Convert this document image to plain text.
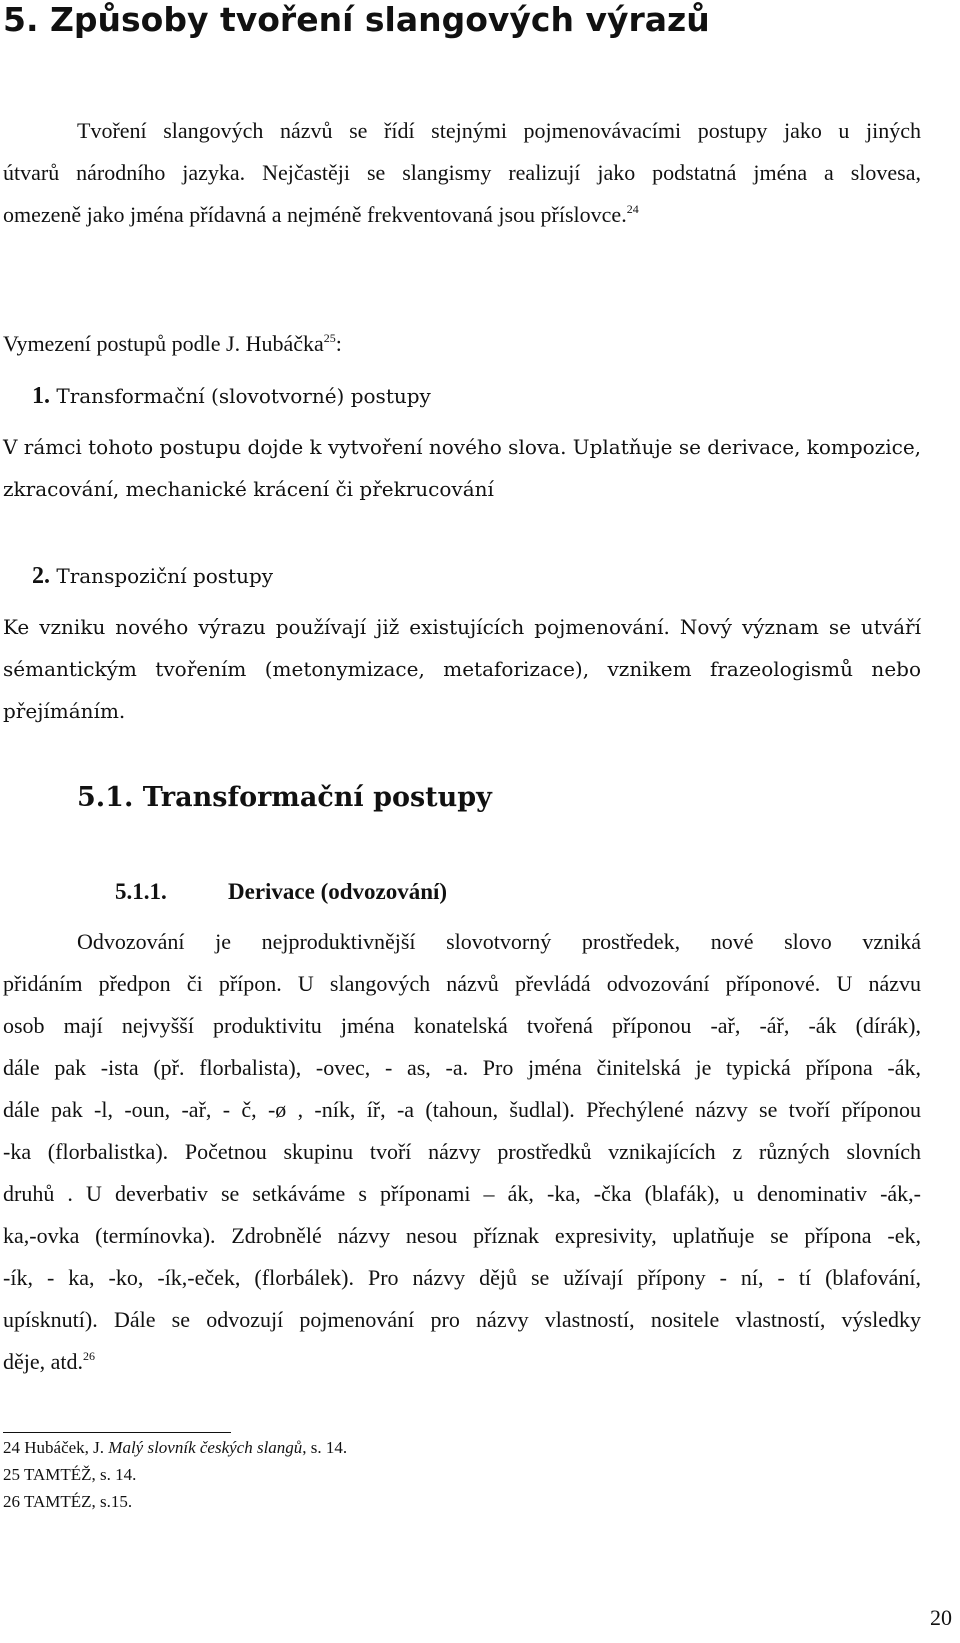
5. Způsoby tvoření slangových výrazů
Tvoření slangových názvů se řídí stejnými pojmenovávacími postupy jako u jiných
útvarů národního jazyka. Nejčastěji se slangismy realizují jako podstatná jména a slovesa,
omezeně jako jména přídavná a nejméně frekventovaná jsou příslovce.$^{24}$
Vymezení postupů podle J. Hubáčka$^{25}$:
1. Transformační (slovotvorné) postupy
V rámci tohoto postupu dojde k vytvoření nového slova. Uplatňuje se derivace, kompozice,
zkracování, mechanické krácení či překrucování
2. Transpoziční postupy
Ke vzniku nového výrazu používají již existujících pojmenování. Nový význam se utváří
sémantickým tvořením (metonymizace, metaforizace), vznikem frazeologismů nebo
přejímáním.
5.1. Transformační postupy
5.1.1.	Derivace (odvozování)
Odvozování je nejproduktivnější slovotvorný prostředek, nové slovo vzniká
přidáním předpon či přípon. U slangových názvů převládá odvozování příponové. U názvu
osob mají nejvyšší produktivitu jména konatelská tvořená příponou -ař, -ář, -ák (dírák),
dále pak -ista (př. florbalista), -ovec, - as, -a. Pro jména činitelská je typická přípona -ák,
dále pak -l, -oun, -ař, - č, -ø , -ník, íř, -a (tahoun, šudlal). Přechýlené názvy se tvoří příponou
-ka (florbalistka). Početnou skupinu tvoří názvy prostředků vznikajících z různých slovních
druhů . U deverbativ se setkáváme s příponami – ák, -ka, -čka (blafák), u denominativ -ák,-
ka,-ovka (termínovka). Zdrobnělé názvy nesou příznak expresivity, uplatňuje se přípona -ek,
-ík, - ka, -ko, -ík,-eček, (florbálek). Pro názvy dějů se užívají přípony - ní, - tí (blafování,
upísknutí). Dále se odvozují pojmenování pro názvy vlastností, nositele vlastností, výsledky
děje, atd.$^{26}$
24 Hubáček, J. Malý slovník českých slangů, s. 14.
25 TAMTÉŽ, s. 14.
26 TAMTÉZ, s.15.
20
